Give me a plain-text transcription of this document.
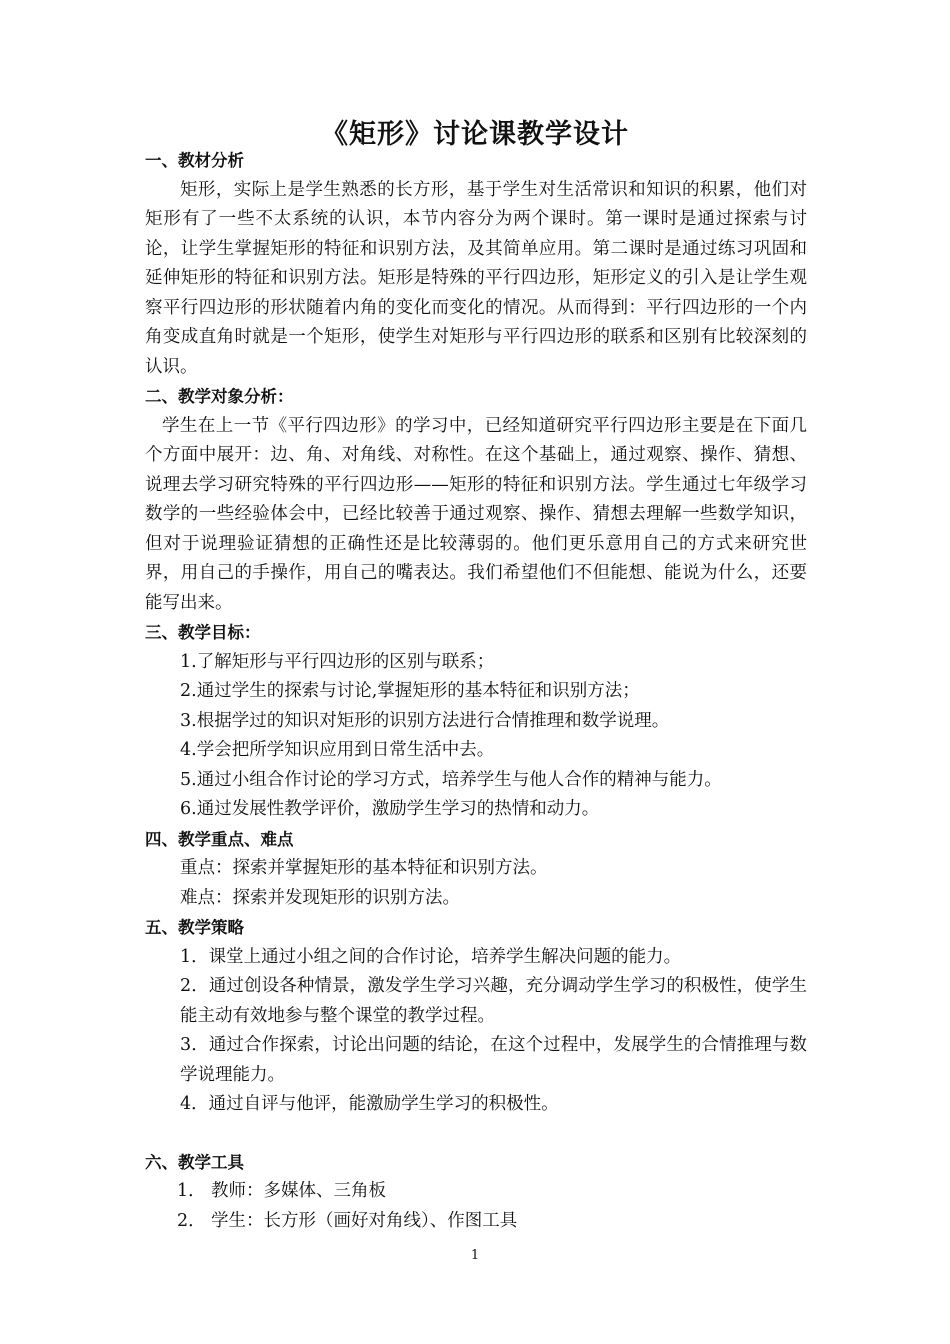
《矩形》讨论课教学设计

一、教材分析

矩形，实际上是学生熟悉的长方形，基于学生对生活常识和知识的积累，他们对矩形有了一些不太系统的认识，本节内容分为两个课时。第一课时是通过探索与讨论，让学生掌握矩形的特征和识别方法，及其简单应用。第二课时是通过练习巩固和延伸矩形的特征和识别方法。矩形是特殊的平行四边形，矩形定义的引入是让学生观察平行四边形的形状随着内角的变化而变化的情况。从而得到：平行四边形的一个内角变成直角时就是一个矩形，使学生对矩形与平行四边形的联系和区别有比较深刻的认识。

二、教学对象分析：

学生在上一节《平行四边形》的学习中，已经知道研究平行四边形主要是在下面几个方面中展开：边、角、对角线、对称性。在这个基础上，通过观察、操作、猜想、说理去学习研究特殊的平行四边形——矩形的特征和识别方法。学生通过七年级学习数学的一些经验体会中，已经比较善于通过观察、操作、猜想去理解一些数学知识，但对于说理验证猜想的正确性还是比较薄弱的。他们更乐意用自己的方式来研究世界，用自己的手操作，用自己的嘴表达。我们希望他们不但能想、能说为什么，还要能写出来。

三、教学目标：

1.了解矩形与平行四边形的区别与联系；

2.通过学生的探索与讨论,掌握矩形的基本特征和识别方法；

3.根据学过的知识对矩形的识别方法进行合情推理和数学说理。

4.学会把所学知识应用到日常生活中去。

5.通过小组合作讨论的学习方式，培养学生与他人合作的精神与能力。

6.通过发展性教学评价，激励学生学习的热情和动力。

四、教学重点、难点

重点：探索并掌握矩形的基本特征和识别方法。

难点：探索并发现矩形的识别方法。

五、教学策略

1．课堂上通过小组之间的合作讨论，培养学生解决问题的能力。

2．通过创设各种情景，激发学生学习兴趣，充分调动学生学习的积极性，使学生能主动有效地参与整个课堂的教学过程。

3．通过合作探索，讨论出问题的结论，在这个过程中，发展学生的合情推理与数学说理能力。

4．通过自评与他评，能激励学生学习的积极性。

六、教学工具

1． 教师：多媒体、三角板

2． 学生：长方形（画好对角线）、作图工具

1
